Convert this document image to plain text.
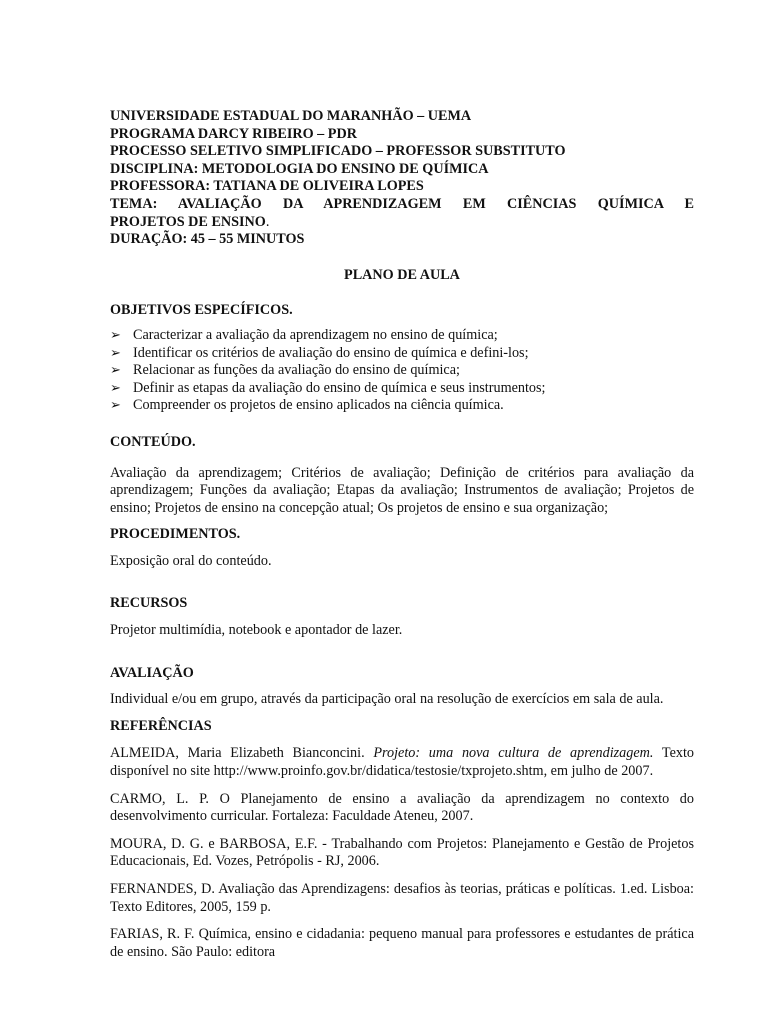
UNIVERSIDADE ESTADUAL DO MARANHÃO – UEMA
PROGRAMA DARCY RIBEIRO – PDR
PROCESSO SELETIVO SIMPLIFICADO – PROFESSOR SUBSTITUTO
DISCIPLINA: METODOLOGIA DO ENSINO DE QUÍMICA
PROFESSORA: TATIANA DE OLIVEIRA LOPES
TEMA: AVALIAÇÃO DA APRENDIZAGEM EM CIÊNCIAS QUÍMICA E
PROJETOS DE ENSINO.
DURAÇÃO: 45 – 55 MINUTOS
PLANO DE AULA
OBJETIVOS ESPECÍFICOS.
➢ Caracterizar a avaliação da aprendizagem no ensino de química;
➢ Identificar os critérios de avaliação do ensino de química e defini-los;
➢ Relacionar as funções da avaliação do ensino de química;
➢ Definir as etapas da avaliação do ensino de química e seus instrumentos;
➢ Compreender os projetos de ensino aplicados na ciência química.
CONTEÚDO.

Avaliação da aprendizagem; Critérios de avaliação; Definição de critérios para avaliação da aprendizagem; Funções da avaliação; Etapas da avaliação; Instrumentos de avaliação; Projetos de ensino; Projetos de ensino na concepção atual; Os projetos de ensino e sua organização;

PROCEDIMENTOS.

Exposição oral do conteúdo.

RECURSOS

Projetor multimídia, notebook e apontador de lazer.

AVALIAÇÃO

Individual e/ou em grupo, através da participação oral na resolução de exercícios em sala de aula.

REFERÊNCIAS

ALMEIDA, Maria Elizabeth Bianconcini. Projeto: uma nova cultura de aprendizagem. Texto disponível no site http://www.proinfo.gov.br/didatica/testosie/txprojeto.shtm, em julho de 2007.

CARMO, L. P. O Planejamento de ensino a avaliação da aprendizagem no contexto do desenvolvimento curricular. Fortaleza: Faculdade Ateneu, 2007.

MOURA, D. G. e BARBOSA, E.F. - Trabalhando com Projetos: Planejamento e Gestão de Projetos Educacionais, Ed. Vozes, Petrópolis - RJ, 2006.

FERNANDES, D. Avaliação das Aprendizagens: desafios às teorias, práticas e políticas. 1.ed. Lisboa: Texto Editores, 2005, 159 p.

FARIAS, R. F. Química, ensino e cidadania: pequeno manual para professores e estudantes de prática de ensino. São Paulo: editora
